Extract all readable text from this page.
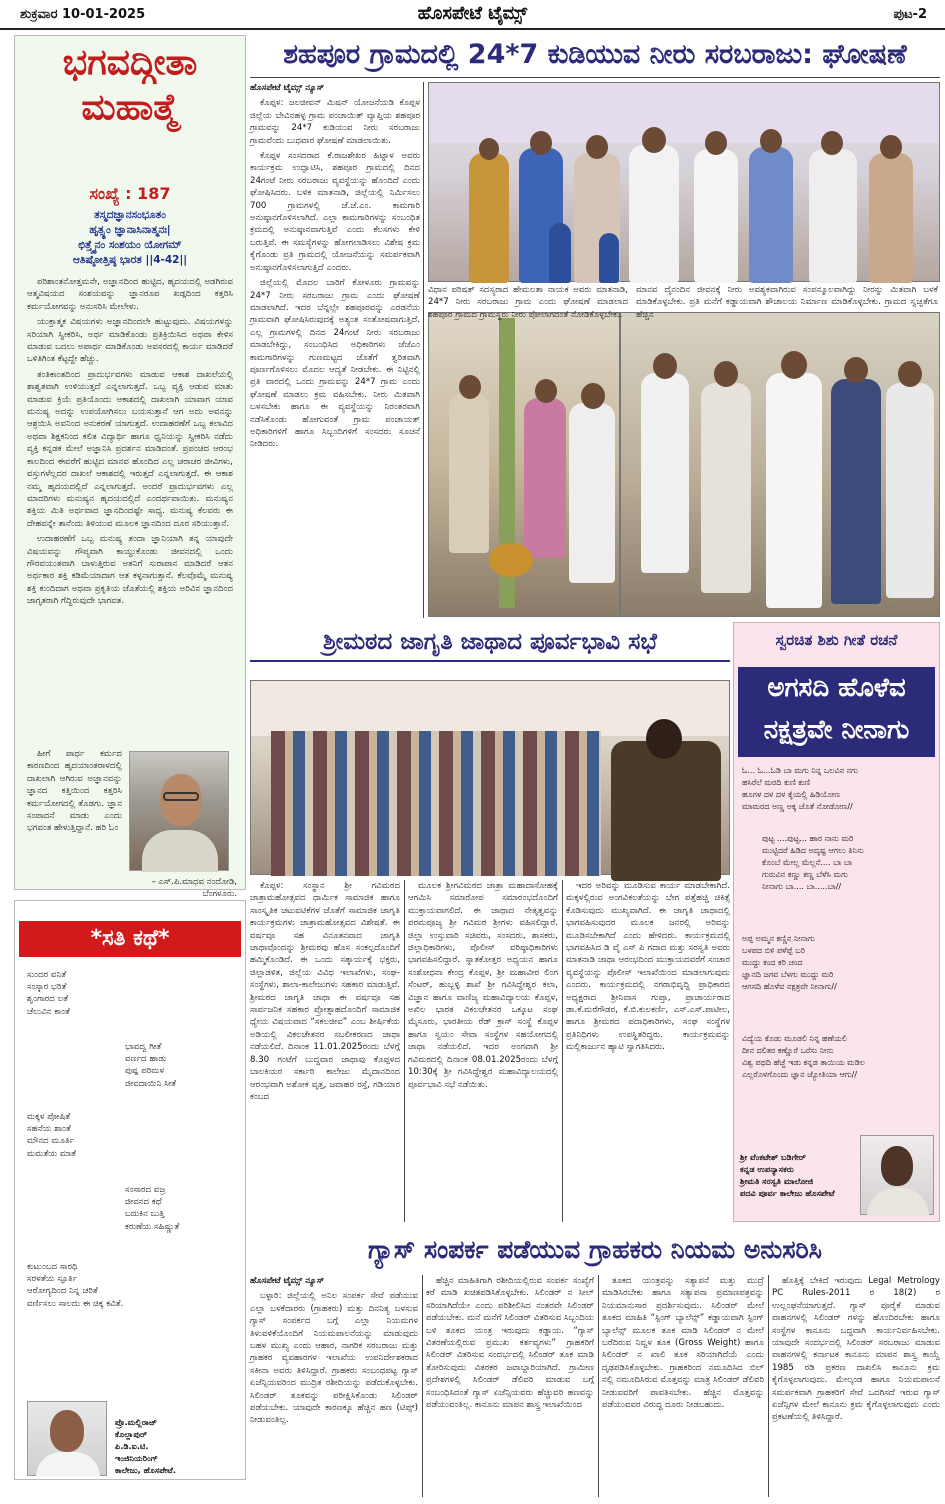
ಶುಕ್ರವಾರ 10-01-2025	ಹೊಸಪೇಟೆ ಟೈಮ್ಸ್	ಪುಟ-2
ಭಗವದ್ಗೀತಾ
ಮಹಾತ್ಮೆ
ಸಂಖ್ಯೆ : 187
ತಸ್ಮದಜ್ಞಾನಸಂಭೂತಂ
ಹೃತ್ಸ್ಥಂ ಜ್ಞಾನಾಸಿನಾತ್ಮನಃ|
ಛಿತ್ತ್ವೈನಂ ಸಂಶಯಂ ಯೋಗಮ್
ಆತಿಷ್ಠೋತ್ತಿಷ್ಠ ಭಾರತ ||4-42||

ಪರಿಶಾಂತನೋತ್ತಮನೇ, ಅಜ್ಞಾನದಿಂದ ಹುಟ್ಟಿದ, ಹೃದಯದಲ್ಲಿ ಅಡಗಿರುವ ಆತ್ಮವಿಷಯದ ಸಂಶಯವನ್ನು ಜ್ಞಾನರೂಪ ಖಡ್ಗದಿಂದ ಕತ್ತರಿಸಿ ಕರ್ಮಯೋಗವನ್ನು ಅನುಸರಿಸಿ ಮೇಲೇಳು.

ಯುಕ್ತಾತ್ಮಕ ವಿಷಯಗಳು ಅಜ್ಞಾನದಿಂದಲೇ ಹುಟ್ಟುವುದು. ವಿಷಯಗಳನ್ನು ಸರಿಯಾಗಿ ಸ್ವೀಕರಿಸಿ, ಅರ್ಥ ಮಾಡಿಕೊಂಡು ಪ್ರತಿಕ್ರಿಯಿಸಿದ ಅಥವಾ ಕೇಳಿಸ ಮಾಡುವ ಬದಲು ಅಪಾರ್ಥ ಮಾಡಿಕೊಂಡು ಅವಸರದಲ್ಲಿ ಕಾರ್ಯ ಮಾಡಿದರೆ ಒಳಿತಿಗಿಂತ ಕೆಟ್ಟದ್ದೇ ಹೆಚ್ಚು.

ತಂತಿಕಾಂತದಿಂದ ಪ್ರಾದುರ್ಭವಗಳು ಮಾಡುವ ಆಕಾಶ ದಾಖಲೆಯಲ್ಲಿ ಶಾಶ್ವತವಾಗಿ ಉಳಿಯುತ್ತದೆ ಎನ್ನಲಾಗುತ್ತದೆ. ಒಬ್ಬ ವ್ಯಕ್ತಿ ಆಡುವ ಮಾತು ಮಾಡುವ ಕ್ರಿಯೆ ಪ್ರತಿಯೊಂದು ಆಕಾಶದಲ್ಲಿ ದಾಖಲಾಗಿ ಯಾವಾಗ ಯಾವ ಮನುಷ್ಯ ಅದನ್ನು ಉಪಯೋಗಿಸಲು ಬಯಸುತ್ತಾನೆ ಆಗ ಅದು ಅವನನ್ನು ಆಶ್ರಯಿಸಿ ಅವನಿಂದ ಅನುಕರಣೆ ಯಾಗುತ್ತದೆ. ಉದಾಹರಣೆಗೆ ಒಬ್ಬ ಕಲಾವಿದ ಅಥವಾ ಶಿಕ್ಷಕನಿಂದ ಕಲಿತ ವಿದ್ಯಾರ್ಥಿ ಹಾಗೂ ಧ್ವನಿಯನ್ನು ಸ್ವೀಕರಿಸಿ ನಡೆದು ವ್ಯಕ್ತಿ ಕನ್ನಡಕ ಮೇಲೆ ಅಜ್ಞಾನಿಸಿ ಪ್ರದರ್ಶನ ಮಾಡಿದಂತೆ. ಪ್ರಪಂಚದ ಆರಂಭ ಕಾಲದಿಂದ ಈವರೆಗೆ ಹುಟ್ಟಿದ ಮಾನವ ಹೊಂದಿದ ಎಲ್ಲ ಚರಾಚರ ಜೀವಿಗಳು, ವಸ್ತುಗಳೆಲ್ಲದರ ದಾಖಲೆ ಆಕಾಶದಲ್ಲಿ ಇರುತ್ತದೆ ಎನ್ನಲಾಗುತ್ತದೆ. ಈ ಆಕಾಶ ನಮ್ಮ ಹೃದಯದಲ್ಲಿದೆ ಎನ್ನಲಾಗುತ್ತದೆ. ಅಂದರೆ ಪ್ರಾದುರ್ಭವಗಳು ಎಲ್ಲ ಮಾದರಿಗಳು ಮನುಷ್ಯನ ಹೃದಯದಲ್ಲಿದೆ ಎಂದರ್ಥವಾಯಿತು. ಮನುಷ್ಯನ ಶಕ್ತಿಯ ಮಿತಿ ಅರ್ಥವಾದ ಜ್ಞಾನದಿಂದಷ್ಟೇ ಸಾಧ್ಯ. ಮನುಷ್ಯ ಕೆಲವರು ಈ ದೇಹವನ್ನೇ ತಾನೆಂದು ತಿಳಿಯುವ ಮೂಲಕ ಜ್ಞಾನದಿಂದ ದೂರ ಸರಿಯುತ್ತಾನೆ.

ಉದಾಹರಣೆಗೆ ಒಬ್ಬ ಮನುಷ್ಯ ತಂದಾ ಜ್ಞಾನಿಯಾಗಿ ತನ್ನ ಯಾವುದೇ ವಿಷಯವನ್ನು ಗೌಪ್ಯವಾಗಿ ಕಾಯ್ದುಕೊಂಡು ಜೀವನದಲ್ಲಿ ಒಂದು ಗೌರವಯುತವಾಗಿ ಬಾಳುತ್ತಿರುವ ಅತನಿಗೆ ಸುರಾಪಾನ ಮಾಡಿದರೆ ಆತನ ಅರ್ಥಕಾರ ಶಕ್ತಿ ಕಡಿಮೆಯಾದಾಗ ಆತ ಕಳ್ಳನಾಗುತ್ತಾನೆ. ಕೆಲವೊಮ್ಮೆ ಮನುಷ್ಯ ಶಕ್ತಿ ಕುಂದಿದಾಗ ಅಥವಾ ಪ್ರಕೃತಿಯ ಜೊತೆಯಲ್ಲಿ ಶಕ್ತಿಯ ಅರಿವಿನ ಜ್ಞಾನದಿಂದ ಜಾಗೃತರಾಗಿ ಗೆದ್ದಿರುವುದೇ ಭಾಗವತ.

ಹೀಗೆ ಪಾರ್ಥ ಕರ್ಮದ ಕಾರಣದಿಂದ ಹೃದಯಾಂತರಾಳದಲ್ಲಿ ದಾಖಲಾಗಿ ಆಗಿರುವ ಅಜ್ಞಾನವನ್ನು ಜ್ಞಾನದ ಕತ್ತಿಯಿಂದ ಕತ್ತರಿಸಿ ಕರ್ಮಯೋಗದಲ್ಲಿ ತೊಡಗು. ಜ್ಞಾನ ಸಂಪಾದನೆ ಮಾಡು ಎಂದು ಭಗವಂತ ಹೇಳುತ್ತಿದ್ದಾನೆ. ಹರಿ ಓಂ

– ಎಸ್.ಪಿ.ಮಾಧವ ನಂದೋಡಿ,
ಬೆಂಗಳೂರು.
*ಸತಿ ಕಥೆ*
ಸುಂದರ ವನಿತೆ
ಸಂಸ್ಕಾರ ಭರಿತೆ
ಶೃಂಗಾರದ ಲತೆ
ಚೆಲುವಿನ ಕಾಂತೆ
ಭಾವದ್ವ ಗೀತೆ
ವರ್ಣದ ಹಾಡು
ಪುಷ್ಪ ಪರಿಮಳ
ಜೀವದಾಯಿನಿ ಸೀತೆ
ಮಕ್ಕಳ ಪೋಷಿತೆ
ಸಹನೆಯ ಶಾಂತೆ
ಮೌನದ ಮೂರ್ತಿ
ಮಮತೆಯ ಮಾತೆ
ಸಂಸಾರದ ವಜ್ರ
ಜೀವನದ ಕಥೆ
ಬದುಕಿನ ಬುತ್ತಿ
ಕರುಣೆಯ ಸಹಿಷ್ಣುತೆ
ಕುಟುಂಬದ ಸಾರಥಿ
ಸರಳತೆಯ ಸ್ಫೂರ್ತಿ
ಆರೋಗ್ಯದಿಂದ ನಿನ್ನ ಚರಿತೆ
ವರ್ಣಿಸಲು ಸಾಲದು ಈ ಚಿಕ್ಕ ಕವಿತೆ.
ಪ್ರೊ.ಮಲ್ಲಿರಾಜ್
ಕೊಲ್ಲಾಪುರ್
ಪಿ.ಡಿ.ಐ.ಟಿ.
ಇಂಜಿನಿಯರಿಂಗ್
ಕಾಲೇಜು, ಹೊಸಪೇಟೆ.
ಶಹಪೂರ ಗ್ರಾಮದಲ್ಲಿ 24*7 ಕುಡಿಯುವ ನೀರು ಸರಬರಾಜು: ಘೋಷಣೆ

ಹೊಸಪೇಟೆ ಟೈಮ್ಸ್ ನ್ಯೂಸ್

ಕೊಪ್ಪಳ: ಜಲಜೀವನ್ ಮಿಷನ್ ಯೋಜನೆಯಡಿ ಕೊಪ್ಪಳ ಜಿಲ್ಲೆಯ ಬೇವಿನಹಳ್ಳ ಗ್ರಾಮ ಪಂಚಾಯಿತ್ ವ್ಯಾಪ್ತಿಯ ಶಹಪೂರ ಗ್ರಾಮವನ್ನು 24*7 ಕುಡಿಯುವ ನೀರು ಸರಬರಾಜು ಗ್ರಾಮವೆಂದು ಬುಧವಾರ ಘೋಷಣೆ ಮಾಡಲಾಯಿತು.

ಕೊಪ್ಪಳ ಸಂಸದರಾದ ಕೆ.ರಾಜಶೇಖರ ಹಿಟ್ನಾಳ ಅವರು ಕಾರ್ಯಕ್ರಮ ಉದ್ಘಾಟಿಸಿ, ಶಹಪೂರ ಗ್ರಾಮದಲ್ಲಿ ದಿನದ 24ಗಂಟೆ ನೀರು ಸರಬರಾಜು ವ್ಯವಸ್ಥೆಯನ್ನು ಹೊಂದಿದೆ ಎಂದು ಘೋಷಿಸಿದರು. ಬಳಿಕ ಮಾತನಾಡಿ, ಜಿಲ್ಲೆಯಲ್ಲಿ ನಿರ್ಮಿಸಲು 700 ಗ್ರಾಮಗಳಲ್ಲಿ ಜೆ.ಜೆ.ಎಂ. ಕಾಮಗಾರಿ ಅನುಷ್ಠಾನಗೊಳಿಸಲಾಗಿದೆ. ಎಲ್ಲಾ ಕಾಮಗಾರಿಗಳನ್ನು ಸಂಬಂಧಿತ ಕ್ರಮದಲ್ಲಿ ಅನುಷ್ಠಾನವಾಗುತ್ತಿವೆ ಎಂದು ಕೆಲಸಗಳು ಕೇಳಿ ಬರುತ್ತಿವೆ. ಈ ಸಮಸ್ಯೆಗಳನ್ನು ಹೋಗಲಾಡಿಸಲು ವಿಶೇಷ ಕ್ರಮ ಕೈಗೊಂಡು ಪ್ರತಿ ಗ್ರಾಮದಲ್ಲಿ ಯೋಜನೆಯನ್ನು ಸಮರ್ಪಕವಾಗಿ ಅನುಷ್ಠಾನಗೊಳಿಸಲಾಗುತ್ತಿದೆ ಎಂದರು.

ಜಿಲ್ಲೆಯಲ್ಲಿ ಮೊದಲ ಬಾರಿಗೆ ಕೋಳೂರು ಗ್ರಾಮವನ್ನು 24*7 ನೀರು ಸರಬರಾಜು ಗ್ರಾಮ ಎಂದು ಘೋಷಣೆ ಮಾಡಲಾಗಿದೆ. ಇದರ ಬೆನ್ನಲ್ಲೇ ಶಹಪೂರವನ್ನು ಎರಡನೆಯ ಗ್ರಾಮವಾಗಿ ಘೋಷಿಸಿರುವುದಕ್ಕೆ ಅತ್ಯಂತ ಸಂತೋಷವಾಗುತ್ತಿದೆ. ಎಲ್ಲ ಗ್ರಾಮಗಳಲ್ಲಿ ದಿನದ 24ಗಂಟೆ ನೀರು ಸರಬರಾಜು ಮಾಡಬೇಕಿದ್ದು, ಸಂಬಂಧಿಸಿದ ಅಧಿಕಾರಿಗಳು ಜೆಜೆಎಂ ಕಾಮಗಾರಿಗಳನ್ನು ಗುಣಮಟ್ಟದ ಜೊತೆಗೆ ತ್ವರಿತವಾಗಿ ಪೂರ್ಣಗೊಳಿಸಲು ಮೊದಲ ಆದ್ಯತೆ ನೀಡಬೇಕು. ಈ ನಿಟ್ಟಿನಲ್ಲಿ ಪ್ರತಿ ವಾರದಲ್ಲಿ ಒಂದು ಗ್ರಾಮವನ್ನು 24*7 ಗ್ರಾಮ ಎಂದು ಘೋಷಣೆ ಮಾಡಲು ಕ್ರಮ ವಹಿಸಬೇಕು. ನೀರು ಮಿತವಾಗಿ ಬಳಸಬೇಕು ಹಾಗೂ ಈ ವ್ಯವಸ್ಥೆಯನ್ನು ನಿರಂತರವಾಗಿ ನಡೆಸಿಕೊಂಡು ಹೋಗುವಂತೆ ಗ್ರಾಮ ಪಂಚಾಯತ್ ಅಧಿಕಾರಿಗಳಿಗೆ ಹಾಗೂ ಸಿಬ್ಬಂದಿಗಳಿಗೆ ಸಂಸದರು ಸೂಚನೆ ನೀಡಿದರು.

ವಿಧಾನ ಪರಿಷತ್ ಸದಸ್ಯರಾದ ಹೇಮಲತಾ ನಾಯಕ ಅವರು ಮಾತನಾಡಿ, 24*7 ನೀರು ಸರಬರಾಜು ಗ್ರಾಮ ಎಂದು ಘೋಷಣೆ ಮಾಡಲಾದ ಶಹಪೂರ ಗ್ರಾಮದ ಗ್ರಾಮಸ್ಥರು ನೀರು ಪೋಲಾಗದಂತೆ ನೋಡಿಕೊಳ್ಳಬೇಕು.

ಶ್ರೀಮಠದ ಜಾಗೃತಿ ಜಾಥಾದ ಪೂರ್ವಭಾವಿ ಸಭೆ

ಕೊಪ್ಪಳ: ಸಂಸ್ಥಾನ ಶ್ರೀ ಗವಿಮಠದ ಜಾತ್ರಾಮಹೋತ್ಸವದ ಧಾರ್ಮಿಕ ಸಾಮಾಜಿಕ ಹಾಗೂ ಸಾಂಸ್ಕೃತಿಕ ಚಟುವಟಿಕೆಗಳ ಜೊತೆಗೆ ಸಾಮಾಜಿಕ ಜಾಗೃತಿ ಕಾರ್ಯಕ್ರಮಗಳು ಜಾತ್ರಾಮಹೋತ್ಸವದ ವಿಶೇಷತೆ. ಈ ವರ್ಷವೂ ಸಹ ವಿನೂತನವಾದ ಜಾಗೃತಿ ಜಾಥಾವೊಂದನ್ನು ಶ್ರೀಮಠವು ಹೊಸ ಸಂಕಲ್ಪದೊಂದಿಗೆ ಹಮ್ಮಿಕೊಂಡಿದೆ. ಈ ಒಂದು ಸತ್ಕಾರ್ಯಕ್ಕೆ ಭಕ್ತರು, ಜಿಲ್ಲಾಡಳಿತ, ಜಿಲ್ಲೆಯ ವಿವಿಧ ಇಲಾಖೆಗಳು, ಸಂಘ-ಸಂಸ್ಥೆಗಳು, ಶಾಲಾ-ಕಾಲೇಜುಗಳು ಸಹಕಾರ ಮಾಡುತ್ತಿವೆ. ಶ್ರೀಮಠದ ಜಾಗೃತಿ ಜಾಥಾ ಈ ವರ್ಷವೂ ಸಹ ಸಾರ್ವಜನಿಕ ಸಹಕಾರ ಪ್ರೋತ್ಸಾಹದೊಂದಿಗೆ ಸಾಮಾಜಿಕ ಧ್ಯೇಯ ವಿಷಯವಾದ “ಸಕಲಜೀವ” ಎಂಬ ಶೀರ್ಷಿಕೆಯ ಅಡಿಯಲ್ಲಿ ವಿಕಲಚೇತನರ ಸಬಲೀಕರಣದ ಜಾಥಾ ನಡೆಯಲಿದೆ. ದಿನಾಂಕ 11.01.2025ರಂದು ಬೆಳಗ್ಗೆ 8.30 ಗಂಟೆಗೆ ಬುದ್ಧವಾರ ಜಾಥಾವು ಕೊಪ್ಪಳದ ಬಾಲಕಿಯರ ಸರ್ಕಾರಿ ಕಾಲೇಜು ಮೈದಾನದಿಂದ ಆರಂಭವಾಗಿ ಅಶೋಕ ವೃತ್ತ, ಜವಾಹರ ರಸ್ತೆ, ಗಡಿಯಾರ ಕಂಬದ

ಮೂಲಕ ಶ್ರೀಗವಿಮಠದ ಜಾತ್ರಾ ಮಹಾದಾಸೋಹಕ್ಕೆ ಆಗಮಿಸಿ ಸಮಾರೋಪ ಸಮಾರಂಭದೊಂದಿಗೆ ಮುಕ್ತಾಯವಾಗಲಿದೆ. ಈ ಜಾಥಾದ ನೇತೃತ್ವವನ್ನು ಪರಮಪೂಜ್ಯ ಶ್ರೀ ಗವಿಮಠ ಶ್ರೀಗಳು ವಹಿಸಲಿದ್ದಾರೆ. ಜಿಲ್ಲಾ ಉಸ್ತುವಾರಿ ಸಚಿವರು, ಸಂಸದರು, ಶಾಸಕರು, ಜಿಲ್ಲಾಧಿಕಾರಿಗಳು, ಪೊಲೀಸ್ ವರಿಷ್ಠಾಧಿಕಾರಿಗಳು ಭಾಗವಹಿಸಲಿದ್ದಾರೆ. ಸ್ನಾತಕೋತ್ತರ ಅಧ್ಯಯನ ಹಾಗೂ ಸಂಶೋಧನಾ ಕೇಂದ್ರ ಕೊಪ್ಪಳ, ಶ್ರೀ ಮಹಾವೀರ ಲಿಂಗ ಸೆಂಟರ್, ಹುಬ್ಬಳ್ಳಿ ಶಾಖೆ ಶ್ರೀ ಗವಿಸಿದ್ಧೇಶ್ವರ ಕಲಾ, ವಿಜ್ಞಾನ ಹಾಗೂ ವಾಣಿಜ್ಯ ಮಹಾವಿದ್ಯಾಲಯ ಕೊಪ್ಪಳ, ಅಖಿಲ ಭಾರತ ವಿಕಲಚೇತನರ ಒಕ್ಕೂಟ ಸಂಘ ಮೈಸೂರು, ಭಾರತೀಯ ರೆಡ್ ಕ್ರಾಸ್ ಸಂಸ್ಥೆ ಕೊಪ್ಪಳ ಹಾಗೂ ಸ್ವಯಂ ಸೇವಾ ಸಂಸ್ಥೆಗಳ ಸಹಯೋಗದಲ್ಲಿ ಜಾಥಾ ನಡೆಯಲಿದೆ. ಇದರ ಅಂಗವಾಗಿ ಶ್ರೀ ಗವಿಮಠದಲ್ಲಿ ದಿನಾಂಕ 08.01.2025ರಂದು ಬೆಳಗ್ಗೆ 10:30ಕ್ಕೆ ಶ್ರೀ ಗವಿಸಿದ್ಧೇಶ್ವರ ಮಹಾವಿದ್ಯಾಲಯದಲ್ಲಿ ಪೂರ್ವಭಾವಿ ಸಭೆ ನಡೆಯಿತು.

ಇದರ ಅರಿವನ್ನು ಮೂಡಿಸುವ ಕಾರ್ಯ ಮಾಡಬೇಕಾಗಿದೆ. ಮಕ್ಕಳಲ್ಲಿರುವ ಅಂಗವಿಕಲತೆಯನ್ನು ಬೇಗ ಪತ್ತೆಹಚ್ಚಿ ಚಿಕಿತ್ಸೆ ಕೊಡಿಸುವುದು ಮುಖ್ಯವಾಗಿದೆ. ಈ ಜಾಗೃತಿ ಜಾಥಾದಲ್ಲಿ ಭಾಗವಹಿಸುವುದರ ಮೂಲಕ ಜನರಲ್ಲಿ ಅರಿವನ್ನು ಮೂಡಿಸಬೇಕಾಗಿದೆ ಎಂದು ಹೇಳಿದರು. ಕಾರ್ಯಕ್ರಮದಲ್ಲಿ ಭಾಗವಹಿಸಿದ ಡಿ ವೈ ಎಸ್ ಪಿ ಗದಾದ ಮತ್ತು ಸರಸ್ವತಿ ಅವರು ಮಾತನಾಡಿ ಜಾಥಾ ಆರಂಭದಿಂದ ಮುಕ್ತಾಯದವರೆಗೆ ಸಂಚಾರ ವ್ಯವಸ್ಥೆಯನ್ನು ಪೊಲೀಸ್ ಇಲಾಖೆಯಿಂದ ಮಾಡಲಾಗುವುದು ಎಂದರು. ಕಾರ್ಯಕ್ರಮದಲ್ಲಿ ನಗರಾಭಿವೃದ್ಧಿ ಪ್ರಾಧಿಕಾರದ ಅಧ್ಯಕ್ಷರಾದ ಶ್ರೀನಿವಾಸ ಗುಪ್ತಾ, ಪ್ರಾಚಾರ್ಯರಾದ ಡಾ.ಕೆ.ಮರೆಗೌಡರ, ಕೆ.ಬಿ.ಕುಲಕರ್ಣಿ, ಎಸ್.ಎಸ್.ಪಾಟೀಲ, ಹಾಗೂ ಶ್ರೀಮಠದ ಪದಾಧಿಕಾರಿಗಳು, ಸಂಘ ಸಂಸ್ಥೆಗಳ ಪ್ರತಿನಿಧಿಗಳು ಉಪಸ್ಥಿತರಿದ್ದರು. ಕಾರ್ಯಕ್ರಮವನ್ನು ಮಲ್ಲಿಕಾರ್ಜುನ ಹ್ಯಾಟಿ ಸ್ವಾಗತಿಸಿದರು.

ಸ್ವರಚಿತ ಶಿಶು ಗೀತೆ ರಚನೆ
ಅಗಸದಿ ಹೊಳೆವ
ನಕ್ಷತ್ರವೇ ನೀನಾಗು
ಓ... ಓ...ಓಡಿ ಬಾ ಮಗು ನಿನ್ನ ಒಲವಿನ ನಗು
ಹಸಿರೆಲೆ ಮರದಿ ಕುಣಿ ಕುಣಿ
ಹೂಗಳ ದಳ ದಳ ಕೈಯಲ್ಲಿ ಹಿಡಿಯೋಣ
ಮಾಮರದ ಅಣ್ಣ ಅಕ್ಕ ಜೊತೆ ನೋಡೋಣ//
ಪುಟ್ಟ ....ಪುಟ್ಟ... ಹಾರ ನಾನು ಮರಿ
ಮುಟ್ಟಿದರೆ ಹಿಡಿದ ಅದೃಷ್ಟ ಆಗಲು ತಿನಿಸು
ಕೊಂಬೆ ಮೇಲ್ಲ ಮೆಲ್ಲನೆ.... ಬಾ ಬಾ
ಗುರುವಿನ ಕಣ್ಣು ಕಣ್ಣ ಬೆಳೆಸಿ ಮಗು
ನೀನಾಗು ಬಾ.... ಬಾ.....ಬಾ//
ಅಪ್ಪ ಅಮ್ಮನ ಕಣ್ಣಿನ ನೀನಾಗು
ಬಳಪದ ಬಿಳಿ ಪಳೆಪ್ಪೆ ಬರಿ
ಮುದ್ದು ಕಂದ ಕರಿ ಚಂದ
ಜ್ಞಾನದಿ ಜಗವ ಬೆಳಗು ಮುದ್ದು ಮರಿ
ಆಗಸದಿ ಹೊಳೆವ ನಕ್ಷತ್ರವೇ ನೀನಾಗು//
ವಿದ್ಯೆಯ ಕೊಡು ಮೂಡಲಿ ನಿನ್ನ ಹಣೆಯಲಿ
ದೀನ ದಲಿತರ ಕಣ್ಣೊರೆ ಒರೆಸು ನೀನು
ವಿಶ್ವ ಪಥದಿ ಹೆಜ್ಜೆ ಇಡು ಕನ್ನಡ ತಾಯಿಯ ಮಡಿಲ
ಎಲ್ಲರೊಳಗೊಂದು ಜ್ಞಾನ ಜ್ಯೋತಿಯಾ ಆಗು//
ಶ್ರೀ ವೆಂಕಟೇಶ್ ಬಡಿಗೇರ್
ಕನ್ನಡ ಉಪನ್ಯಾಸಕರು
ಶ್ರೀಮತಿ ಸರಸ್ವತಿ ಮಾಲೋಜಿ
ಪದವಿ ಪೂರ್ವ ಕಾಲೇಜು ಹೊಸಪೇಟೆ
ಗ್ಯಾಸ್ ಸಂಪರ್ಕ ಪಡೆಯುವ ಗ್ರಾಹಕರು ನಿಯಮ ಅನುಸರಿಸಿ

ಹೊಸಪೇಟೆ ಟೈಮ್ಸ್ ನ್ಯೂಸ್

ಬಳ್ಳಾರಿ: ಜಿಲ್ಲೆಯಲ್ಲಿ ಅನಿಲ ಸಂಪರ್ಕ ಸೇವೆ ಪಡೆಯುವ ಎಲ್ಲಾ ಬಳಕೆದಾರರು (ಗ್ರಾಹಕರು) ಮತ್ತು ದಿನನಿತ್ಯ ಬಳಸುವ ಗ್ಯಾಸ್ ಸಂಪರ್ಕದ ಬಗ್ಗೆ ಎಲ್ಲಾ ನಿಯಮಗಳ ತಿಳುವಳಿಕೆಯೊಂದಿಗೆ ನಿಯಮಪಾಲನೆಯನ್ನು ಮಾಡುವುದು ಬಹಳ ಮುಖ್ಯ ಎಂದು ಆಹಾರ, ನಾಗರಿಕ ಸರಬರಾಜು ಮತ್ತು ಗ್ರಾಹಕರ ವ್ಯವಹಾರಗಳ ಇಲಾಖೆಯ ಉಪನಿರ್ದೇಶಕರಾದ ಸಕೀನಾ ಅವರು ತಿಳಿಸಿದ್ದಾರೆ. ಗ್ರಾಹಕರು ಸಂಬಂಧಪಟ್ಟ ಗ್ಯಾಸ್ ಏಜೆನ್ಸಿಯವರಿಂದ ಮುದ್ರಿತ ರಶೀದಿಯನ್ನು ಪಡೆದುಕೊಳ್ಳಬೇಕು. ಸಿಲಿಂಡರ್ ತೂಕವನ್ನು ಪರೀಕ್ಷಿಸಿಕೊಂಡು ಸಿಲಿಂಡರ್ ಪಡೆಯಬೇಕು. ಯಾವುದೇ ಕಾರಣಕ್ಕೂ ಹೆಚ್ಚಿನ ಹಣ (ಟಿಪ್ಸ್) ನೀಡುವಂತಿಲ್ಲ.

ಹೆಚ್ಚಿನ ಮಾಹಿತಿಗಾಗಿ ರಶೀದಿಯಲ್ಲಿರುವ ಸಂಪರ್ಕ ಸಂಖ್ಯೆಗೆ ಕರೆ ಮಾಡಿ ಖಚಿತಪಡಿಸಿಕೊಳ್ಳಬೇಕು. ಸಿಲಿಂಡರ್ ನ ಸೀಲ್ ಸರಿಯಾಗಿದೆಯೇ ಎಂದು ಪರಿಶೀಲಿಸಿದ ನಂತರವೇ ಸಿಲಿಂಡರ್ ಪಡೆಯಬೇಕು. ಮನೆ ಮನೆಗೆ ಸಿಲಿಂಡರ್ ವಿತರಿಸುವ ಸಿಬ್ಬಂದಿಯ ಬಳಿ ತೂಕದ ಯಂತ್ರ ಇರುವುದು ಕಡ್ಡಾಯ. “ಗ್ಯಾಸ್ ವಿತರಣೆಯಲ್ಲಿರುವ ಪ್ರಮುಖ ಕರ್ತವ್ಯಗಳು” ಗ್ರಾಹಕರಿಗೆ ಸಿಲಿಂಡರ್ ವಿತರಿಸುವ ಸಂದರ್ಭದಲ್ಲಿ ಸಿಲಿಂಡರ್ ತೂಕ ಮಾಡಿ ತೋರಿಸುವುದು ವಿತರಕರ ಜವಾಬ್ದಾರಿಯಾಗಿದೆ. ಗ್ರಾಮೀಣ ಪ್ರದೇಶಗಳಲ್ಲಿ ಸಿಲಿಂಡರ್ ಡೆಲಿವರಿ ಮಾಡುವ ಬಗ್ಗೆ ಸಂಬಂಧಿಸಿದಂತೆ ಗ್ಯಾಸ್ ಏಜೆನ್ಸಿಯವರು ಹೆಚ್ಚುವರಿ ಹಣವನ್ನು ಪಡೆಯುವಂತಿಲ್ಲ. ಕಾನೂನು ಮಾಪನ ಶಾಸ್ತ್ರ ಇಲಾಖೆಯಿಂದ

ತೂಕದ ಯಂತ್ರವನ್ನು ಸತ್ಯಾಪನೆ ಮತ್ತು ಮುದ್ರೆ ಮಾಡಿಸಿರಬೇಕು ಹಾಗೂ ಸತ್ಯಾಪನಾ ಪ್ರಮಾಣಪತ್ರವನ್ನು ನಿಯಮಾನುಸಾರ ಪ್ರದರ್ಶಿಸುವುದು. ಸಿಲಿಂಡರ್ ಮೇಲೆ ತೂಕದ ಮಾಹಿತಿ “ಸ್ಪಿಂಗ್ ಬ್ಯಾಲೆನ್ಸ್” ಕಡ್ಡಾಯವಾಗಿ ಸ್ಪಿಂಗ್ ಬ್ಯಾಲೆನ್ಸ್ ಮೂಲಕ ತೂಕ ಮಾಡಿ ಸಿಲಿಂಡರ್ ನ ಮೇಲೆ ಬರೆದಿರುವ ನಿವ್ವಳ ತೂಕ (Gross Weight) ಹಾಗೂ ಸಿಲಿಂಡರ್ ನ ಖಾಲಿ ತೂಕ ಸರಿಯಾಗಿದೆಯೆ ಎಂದು ದೃಢಪಡಿಸಿಕೊಳ್ಳಬೇಕು. ಗ್ರಾಹಕರಿಂದ ನಮೂದಿಸಿದ ಬಿಲ್ ನಲ್ಲಿ ನಮೂದಿಸಿರುವ ಮೊತ್ತವನ್ನು ಮಾತ್ರ ಸಿಲಿಂಡರ್ ಡೆಲಿವರಿ ನೀಡುವವರಿಗೆ ಪಾವತಿಸಬೇಕು. ಹೆಚ್ಚಿನ ಮೊತ್ತವನ್ನು ಪಡೆಯುವವರ ವಿರುದ್ಧ ದೂರು ನೀಡಬಹುದು.

ಹೊತ್ತಿಕ್ಕೆ ಬೇಕಿದೆ ಇರುವುದು Legal Metrology PC Rules-2011 ರ 18(2) ರ ಉಲ್ಲಂಘನೆಯಾಗುತ್ತದೆ. ಗ್ಯಾಸ್ ಪೂರೈಕೆ ಮಾಡುವ ವಾಹನಗಳಲ್ಲಿ ಸಿಲಿಂಡರ್ ಗಳನ್ನು ಹೊಂದಿರಬೇಕು ಹಾಗೂ ಸಂಸ್ಥೆಗಳ ಕಾನೂನು ಬದ್ಧವಾಗಿ ಕಾರ್ಯನಿರ್ವಹಿಸಬೇಕು. ಯಾವುದೇ ಸಂದರ್ಭದಲ್ಲಿ ಸಿಲಿಂಡರ್ ಸರಬರಾಜು ಮಾಡುವ ವಾಹನಗಳಲ್ಲಿ ಕರ್ನಾಟಕ ಕಾನೂನು ಮಾಪನ ಶಾಸ್ತ್ರ ಕಾಯ್ದೆ 1985 ರಡಿ ಪ್ರಕರಣ ದಾಖಲಿಸಿ ಕಾನೂನು ಕ್ರಮ ಕೈಗೊಳ್ಳಲಾಗುವುದು. ಮೇಲ್ಕಂಡ ಹಾಗೂ ನಿಯಮಪಾಲನೆ ಸಮರ್ಪಕವಾಗಿ ಗ್ರಾಹಕರಿಗೆ ಸೇವೆ ಒದಗಿಸದೆ ಇರುವ ಗ್ಯಾಸ್ ಏಜೆನ್ಸಿಗಳ ಮೇಲೆ ಕಾನೂನು ಕ್ರಮ ಕೈಗೊಳ್ಳಲಾಗುವುದು ಎಂದು ಪ್ರಕಟಣೆಯಲ್ಲಿ ತಿಳಿಸಿದ್ದಾರೆ.

ಮಾನವ ದೈನಂದಿನ ಜೀವನಕ್ಕೆ ನೀರು ಅವಶ್ಯಕವಾಗಿರುವ ಸಂಪನ್ಮೂಲವಾಗಿದ್ದು ನೀರನ್ನು ಮಿತವಾಗಿ ಬಳಕೆ ಮಾಡಿಕೊಳ್ಳಬೇಕು. ಪ್ರತಿ ಮನೆಗೆ ಕಡ್ಡಾಯವಾಗಿ ಶೌಚಾಲಯ ನಿರ್ಮಾಣ ಮಾಡಿಕೊಳ್ಳಬೇಕು. ಗ್ರಾಮದ ಸ್ವಚ್ಛತೆಗೂ ಹೆಚ್ಚಿನ
